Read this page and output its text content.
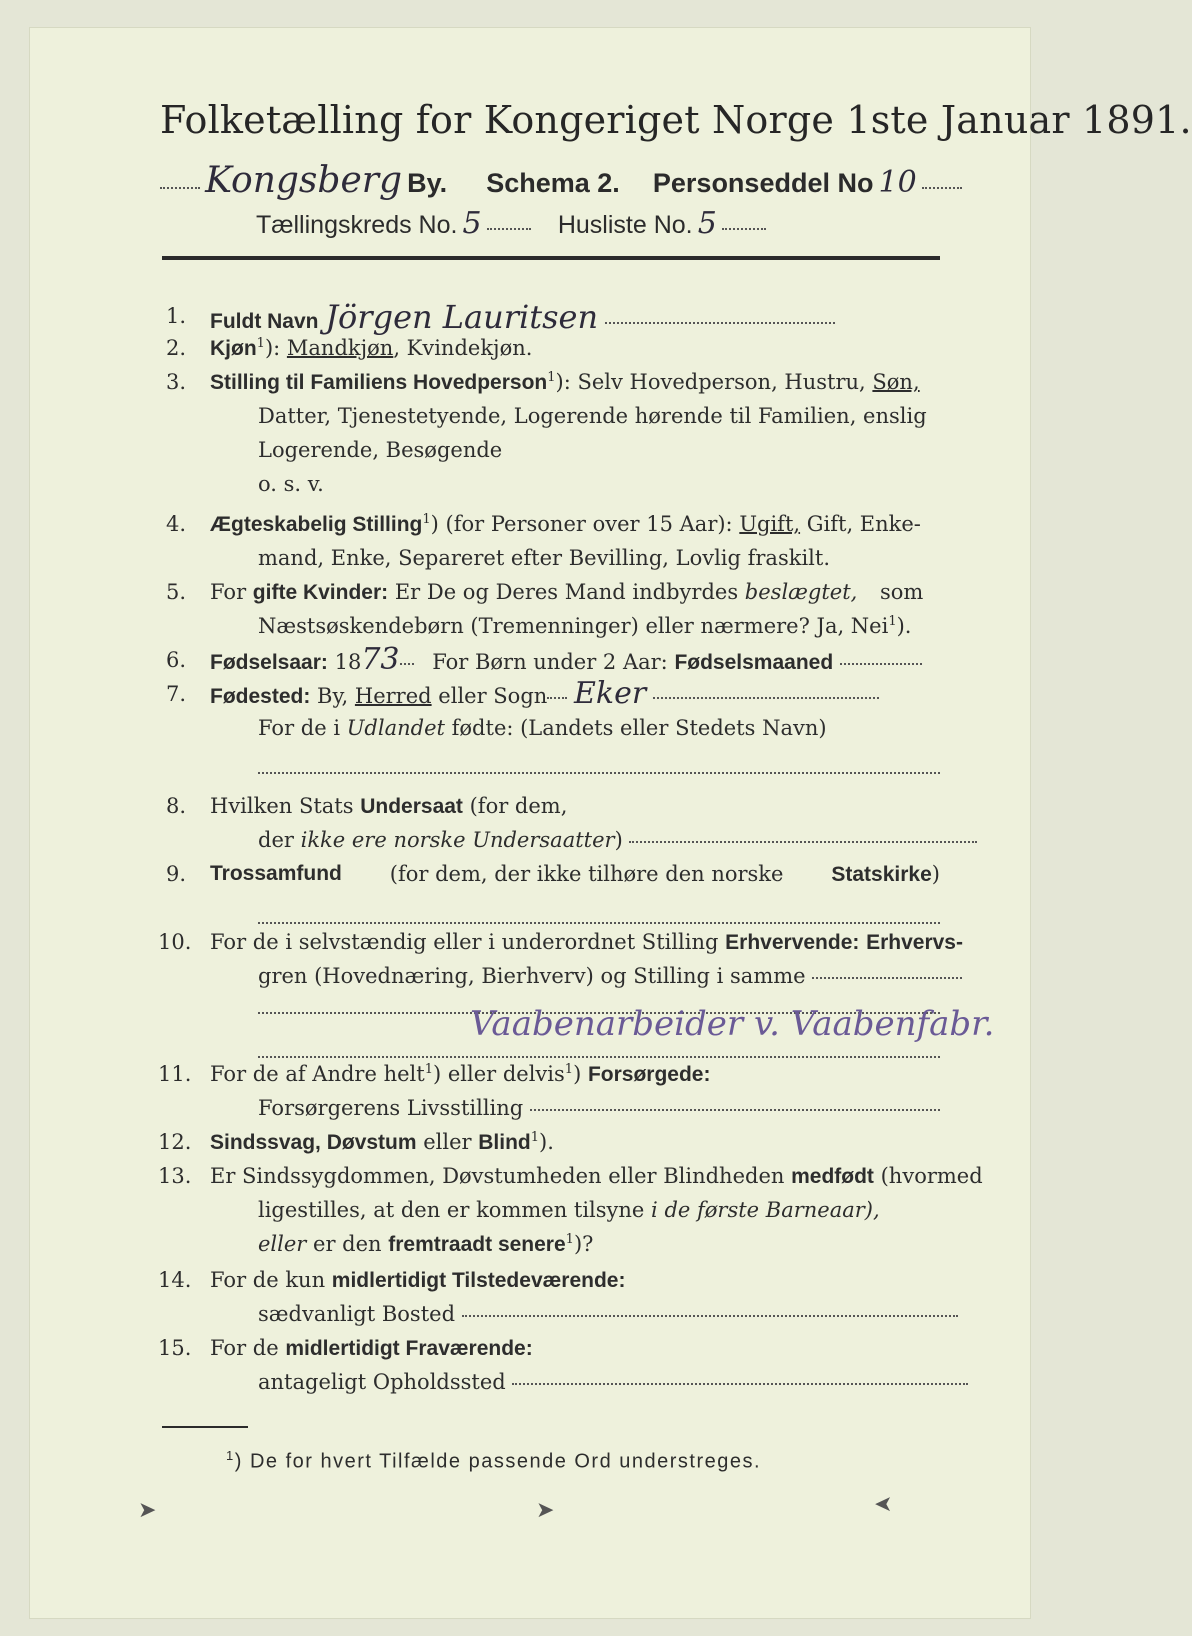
Folketælling for Kongeriget Norge 1ste Januar 1891.
Kongsberg By. Schema 2. Personseddel No 10
Tællingskreds No. 5	Husliste No. 5
1. Fuldt Navn Jörgen Lauritsen
2. Kjøn$^1$): Mandkjøn, Kvindekjøn.
3. Stilling til Familiens Hovedperson$^1$): Selv Hovedperson, Hustru, Søn,
Datter, Tjenestetyende, Logerende hørende til Familien, enslig
Logerende, Besøgende
o. s. v.
4. Ægteskabelig Stilling$^1$) (for Personer over 15 Aar): Ugift, Gift, Enke-
mand, Enke, Separeret efter Bevilling, Lovlig fraskilt.
5. For gifte Kvinder: Er De og Deres Mand indbyrdes beslægtet, som
Næstsøskendebørn (Tremenninger) eller nærmere? Ja, Nei$^1$).
6. Fødselsaar: 1873 For Børn under 2 Aar: Fødselsmaaned
7. Fødested: By, Herred eller Sogn Eker
For de i Udlandet fødte: (Landets eller Stedets Navn)
8. Hvilken Stats Undersaat (for dem,
der ikke ere norske Undersaatter)
9. Trossamfund (for dem, der ikke tilhøre den norske Statskirke)
10. For de i selvstændig eller i underordnet Stilling Erhvervende: Erhvervs-
gren (Hovednæring, Bierhverv) og Stilling i samme
Vaabenarbeider v. Vaabenfabr.
11. For de af Andre helt$^1$) eller delvis$^1$) Forsørgede:
Forsørgerens Livsstilling
12. Sindssvag, Døvstum eller Blind$^1$).
13. Er Sindssygdommen, Døvstumheden eller Blindheden medfødt (hvormed
ligestilles, at den er kommen tilsyne i de første Barneaar),
eller er den fremtraadt senere$^1$)?
14. For de kun midlertidigt Tilstedeværende:
sædvanligt Bosted
15. For de midlertidigt Fraværende:
antageligt Opholdssted
$^1$) De for hvert Tilfælde passende Ord understreges.
➤	➤	➤
